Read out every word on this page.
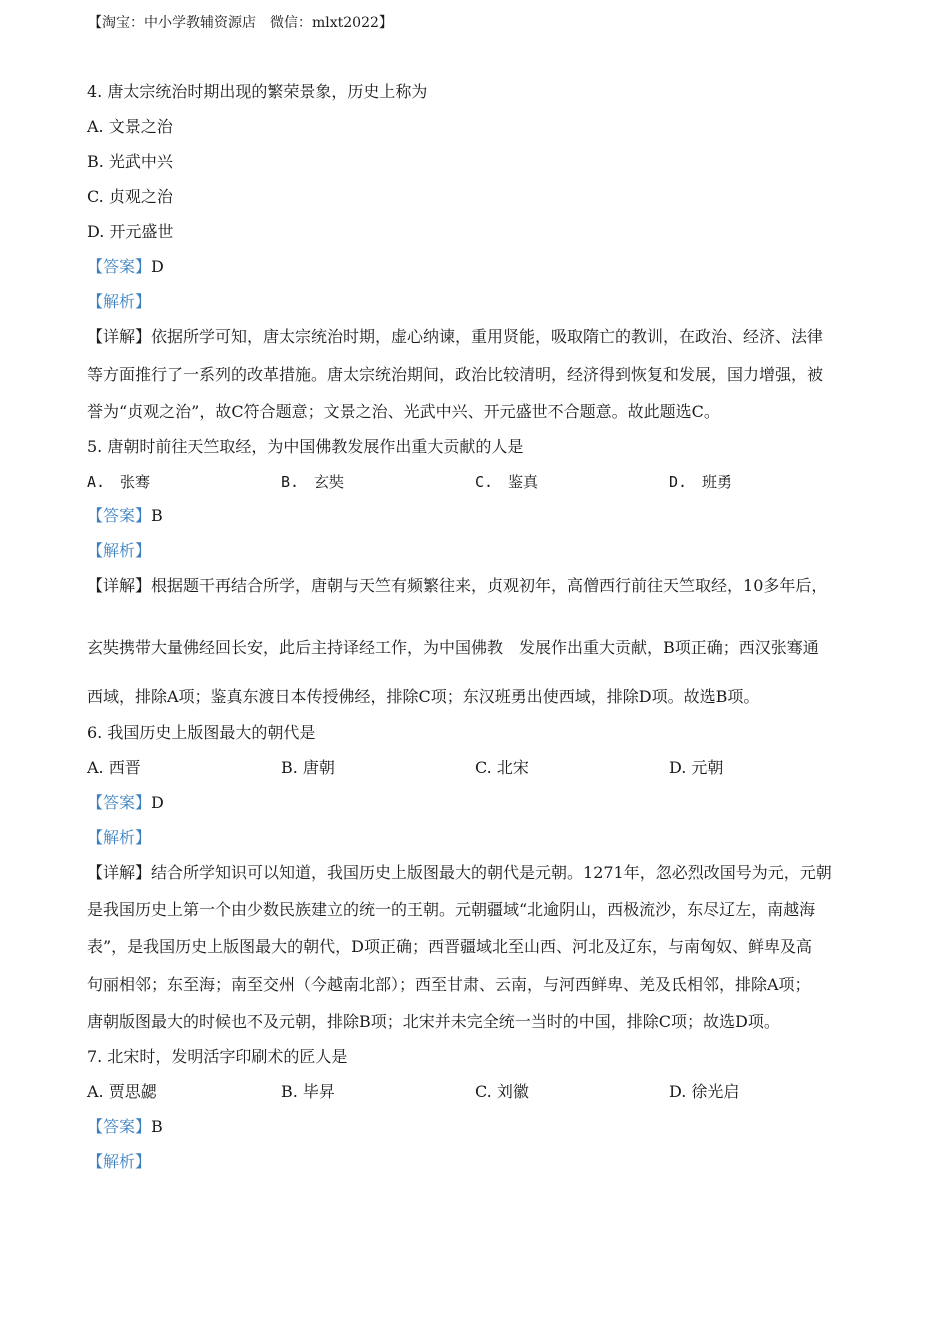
【淘宝：中小学教辅资源店　微信：mlxt2022】
4. 唐太宗统治时期出现的繁荣景象，历史上称为
A. 文景之治
B. 光武中兴
C. 贞观之治
D. 开元盛世
【答案】D
【解析】
【详解】依据所学可知，唐太宗统治时期，虚心纳谏，重用贤能，吸取隋亡的教训，在政治、经济、法律
等方面推行了一系列的改革措施。唐太宗统治期间，政治比较清明，经济得到恢复和发展，国力增强，被
誉为“贞观之治”，故C符合题意；文景之治、光武中兴、开元盛世不合题意。故此题选C。
5. 唐朝时前往天竺取经，为中国佛教发展作出重大贡献的人是
A.　张骞	B.　玄奘	C.　鉴真	D.　班勇
【答案】B
【解析】
【详解】根据题干再结合所学，唐朝与天竺有频繁往来，贞观初年，高僧西行前往天竺取经，10多年后，
玄奘携带大量佛经回长安，此后主持译经工作，为中国佛教　发展作出重大贡献，B项正确；西汉张骞通
西域，排除A项；鉴真东渡日本传授佛经，排除C项；东汉班勇出使西域，排除D项。故选B项。
6. 我国历史上版图最大的朝代是
A. 西晋	B. 唐朝	C. 北宋	D. 元朝
【答案】D
【解析】
【详解】结合所学知识可以知道，我国历史上版图最大的朝代是元朝。1271年，忽必烈改国号为元，元朝
是我国历史上第一个由少数民族建立的统一的王朝。元朝疆域“北逾阴山，西极流沙，东尽辽左，南越海
表”，是我国历史上版图最大的朝代，D项正确；西晋疆域北至山西、河北及辽东，与南匈奴、鲜卑及高
句丽相邻；东至海；南至交州（今越南北部）；西至甘肃、云南，与河西鲜卑、羌及氐相邻，排除A项；
唐朝版图最大的时候也不及元朝，排除B项；北宋并未完全统一当时的中国，排除C项；故选D项。
7. 北宋时，发明活字印刷术的匠人是
A. 贾思勰	B. 毕昇	C. 刘徽	D. 徐光启
【答案】B
【解析】
